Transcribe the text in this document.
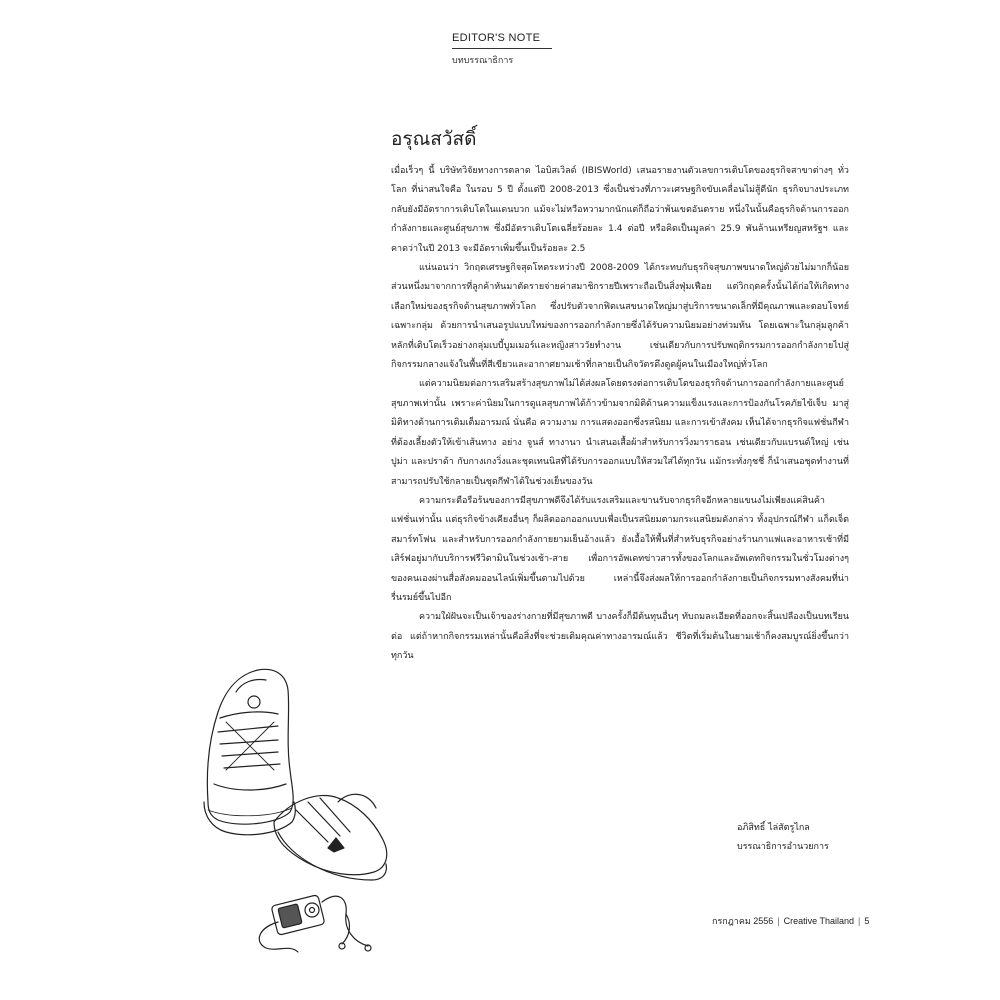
EDITOR'S NOTE
บทบรรณาธิการ
อรุณสวัสดิ์

เมื่อเร็วๆ นี้ บริษัทวิจัยทางการตลาด ไอบิสเวิลด์ (IBISWorld) เสนอรายงานตัวเลขการเติบโตของธุรกิจสาขาต่างๆ ทั่วโลก ที่น่าสนใจคือ ในรอบ 5 ปี ตั้งแต่ปี 2008-2013 ซึ่งเป็นช่วงที่ภาวะเศรษฐกิจขับเคลื่อนไม่สู้ดีนัก ธุรกิจบางประเภทกลับยังมีอัตราการเติบโตในแดนบวก แม้จะไม่หวือหวามากนักแต่ก็ถือว่าพ้นเขตอันตราย หนึ่งในนั้นคือธุรกิจด้านการออกกำลังกายและศูนย์สุขภาพ ซึ่งมีอัตราเติบโตเฉลี่ยร้อยละ 1.4 ต่อปี หรือคิดเป็นมูลค่า 25.9 พันล้านเหรียญสหรัฐฯ และคาดว่าในปี 2013 จะมีอัตราเพิ่มขึ้นเป็นร้อยละ 2.5

แน่นอนว่า วิกฤตเศรษฐกิจสุดโหดระหว่างปี 2008-2009 ได้กระทบกับธุรกิจสุขภาพขนาดใหญ่ด้วยไม่มากก็น้อย ส่วนหนึ่งมาจากการที่ลูกค้าหันมาตัดรายจ่ายค่าสมาชิกรายปีเพราะถือเป็นสิ่งฟุ่มเฟือย แต่วิกฤตครั้งนั้นได้ก่อให้เกิดทางเลือกใหม่ของธุรกิจด้านสุขภาพทั่วโลก ซึ่งปรับตัวจากฟิตเนสขนาดใหญ่มาสู่บริการขนาดเล็กที่มีคุณภาพและตอบโจทย์เฉพาะกลุ่ม ด้วยการนำเสนอรูปแบบใหม่ของการออกกำลังกายซึ่งได้รับความนิยมอย่างท่วมท้น โดยเฉพาะในกลุ่มลูกค้าหลักที่เติบโตเร็วอย่างกลุ่มเบบี้บูมเมอร์และหญิงสาววัยทำงาน เช่นเดียวกับการปรับพฤติกรรมการออกกำลังกายไปสู่กิจกรรมกลางแจ้งในพื้นที่สีเขียวและอากาศยามเช้าที่กลายเป็นกิจวัตรดึงดูดผู้คนในเมืองใหญ่ทั่วโลก

แต่ความนิยมต่อการเสริมสร้างสุขภาพไม่ได้ส่งผลโดยตรงต่อการเติบโตของธุรกิจด้านการออกกำลังกายและศูนย์สุขภาพเท่านั้น เพราะค่านิยมในการดูแลสุขภาพได้ก้าวข้ามจากมิติด้านความแข็งแรงและการป้องกันโรคภัยไข้เจ็บ มาสู่มิติทางด้านการเติมเต็มอารมณ์ นั่นคือ ความงาม การแสดงออกซึ่งรสนิยม และการเข้าสังคม เห็นได้จากธุรกิจแฟชั่นกีฬาที่ต้องเลี้ยงตัวให้เข้าเส้นทาง อย่าง จูนส์ ทางานา นำเสนอเสื้อผ้าสำหรับการวิ่งมาราธอน เช่นเดียวกับแบรนด์ใหญ่ เช่น ปูม่า และปราด้า กับกางเกงวิ่งและชุดเทนนิสที่ได้รับการออกแบบให้สวมใส่ได้ทุกวัน แม้กระทั่งกุชชี่ ก็นำเสนอชุดทำงานที่สามารถปรับใช้กลายเป็นชุดกีฬาได้ในช่วงเย็นของวัน

ความกระตือรือร้นของการมีสุขภาพดีจึงได้รับแรงเสริมและขานรับจากธุรกิจอีกหลายแขนงไม่เพียงแค่สินค้าแฟชั่นเท่านั้น แต่ธุรกิจข้างเคียงอื่นๆ ก็ผลิตออกออกแบบเพื่อเป็นรสนิยมตามกระแสนิยมดังกล่าว ทั้งอุปกรณ์กีฬา แก็ดเจ็ต สมาร์ทโฟน และสำหรับการออกกำลังกายยามเย็นอ้างแล้ว ยังเอื้อให้พื้นที่สำหรับธุรกิจอย่างร้านกาแฟและอาหารเช้าที่มีเสิร์ฟอยู่มากับบริการฟรีวิตามินในช่วงเช้า-สาย เพื่อการอัพเดทข่าวสารทั้งของโลกและอัพเดทกิจกรรมในชั่วโมงต่างๆ ของคนเองผ่านสื่อสังคมออนไลน์เพิ่มขึ้นตามไปด้วย เหล่านี้จึงส่งผลให้การออกกำลังกายเป็นกิจกรรมทางสังคมที่น่ารื่นรมย์ขึ้นไปอีก

ความใฝ่ฝันจะเป็นเจ้าของร่างกายที่มีสุขภาพดี บางครั้งก็มีต้นทุนอื่นๆ ทับถมละเอียดที่ออกจะสิ้นเปลืองเป็นบทเรียนต่อ แต่ถ้าหากกิจกรรมเหล่านั้นคือสิ่งที่จะช่วยเติมคุณค่าทางอารมณ์แล้ว ชีวิตที่เริ่มต้นในยามเช้าก็คงสมบูรณ์ยิ่งขึ้นกว่าทุกวัน

อภิสิทธิ์ ไล่สัตรูไกล
บรรณาธิการอำนวยการ
กรกฎาคม 2556 | Creative Thailand | 5
